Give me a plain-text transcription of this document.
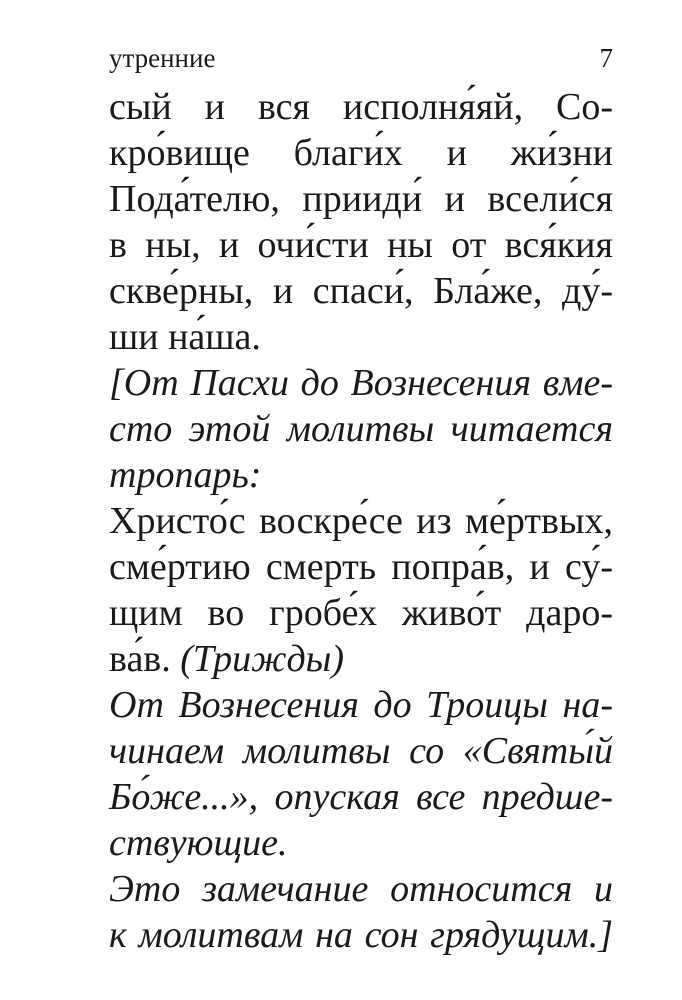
утренние	7
сый и вся исполня́яй, Со-
кро́вище благи́х и жи́зни
Пода́телю, прииди́ и всели́ся
в ны, и очи́сти ны от вся́кия
скве́рны, и спаси́, Бла́же, ду́-
ши на́ша.
[От Пасхи до Вознесения вме-
сто этой молитвы читается
тропарь:
Христо́с воскре́се из ме́ртвых,
сме́ртию смерть попра́в, и су́-
щим во гробе́х живо́т даро-
ва́в. (Трижды)
От Вознесения до Троицы на-
чинаем молитвы со «Святы́й
Бо́же...», опуская все предше-
ствующие.
Это замечание относится и
к молитвам на сон грядущим.]
